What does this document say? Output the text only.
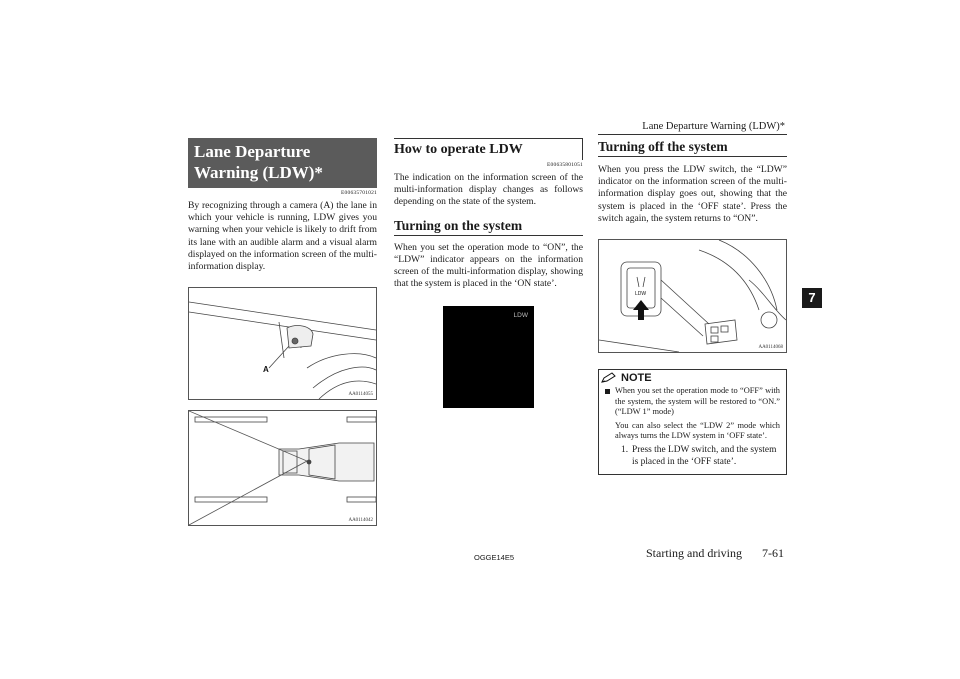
Lane Departure Warning (LDW)*
7
Lane Departure Warning (LDW)*
E00635701021

By recognizing through a camera (A) the lane in which your vehicle is running, LDW gives you warning when your vehicle is likely to drift from its lane with an audible alarm and a visual alarm displayed on the information screen of the multi-information display.

A
AA0114055
AA0114042
How to operate LDW
E00635801051

The indication on the information screen of the multi-information display changes as follows depending on the state of the system.

Turning on the system

When you set the operation mode to “ON”, the “LDW” indicator appears on the information screen of the multi-information display, showing that the system is placed in the ‘ON state’.

LDW
Turning off the system

When you press the LDW switch, the “LDW” indicator on the information screen of the multi-information display goes out, showing that the system is placed in the ‘OFF state’. Press the switch again, the system returns to “ON”.

LDW
AA0114068
NOTE

When you set the operation mode to “OFF” with the system, the system will be restored to “ON.” (“LDW 1” mode)

You can also select the “LDW 2” mode which always turns the LDW system in ‘OFF state’.

1. Press the LDW switch, and the system is placed in the ‘OFF state’.
OGGE14E5	Starting and driving 7-61
